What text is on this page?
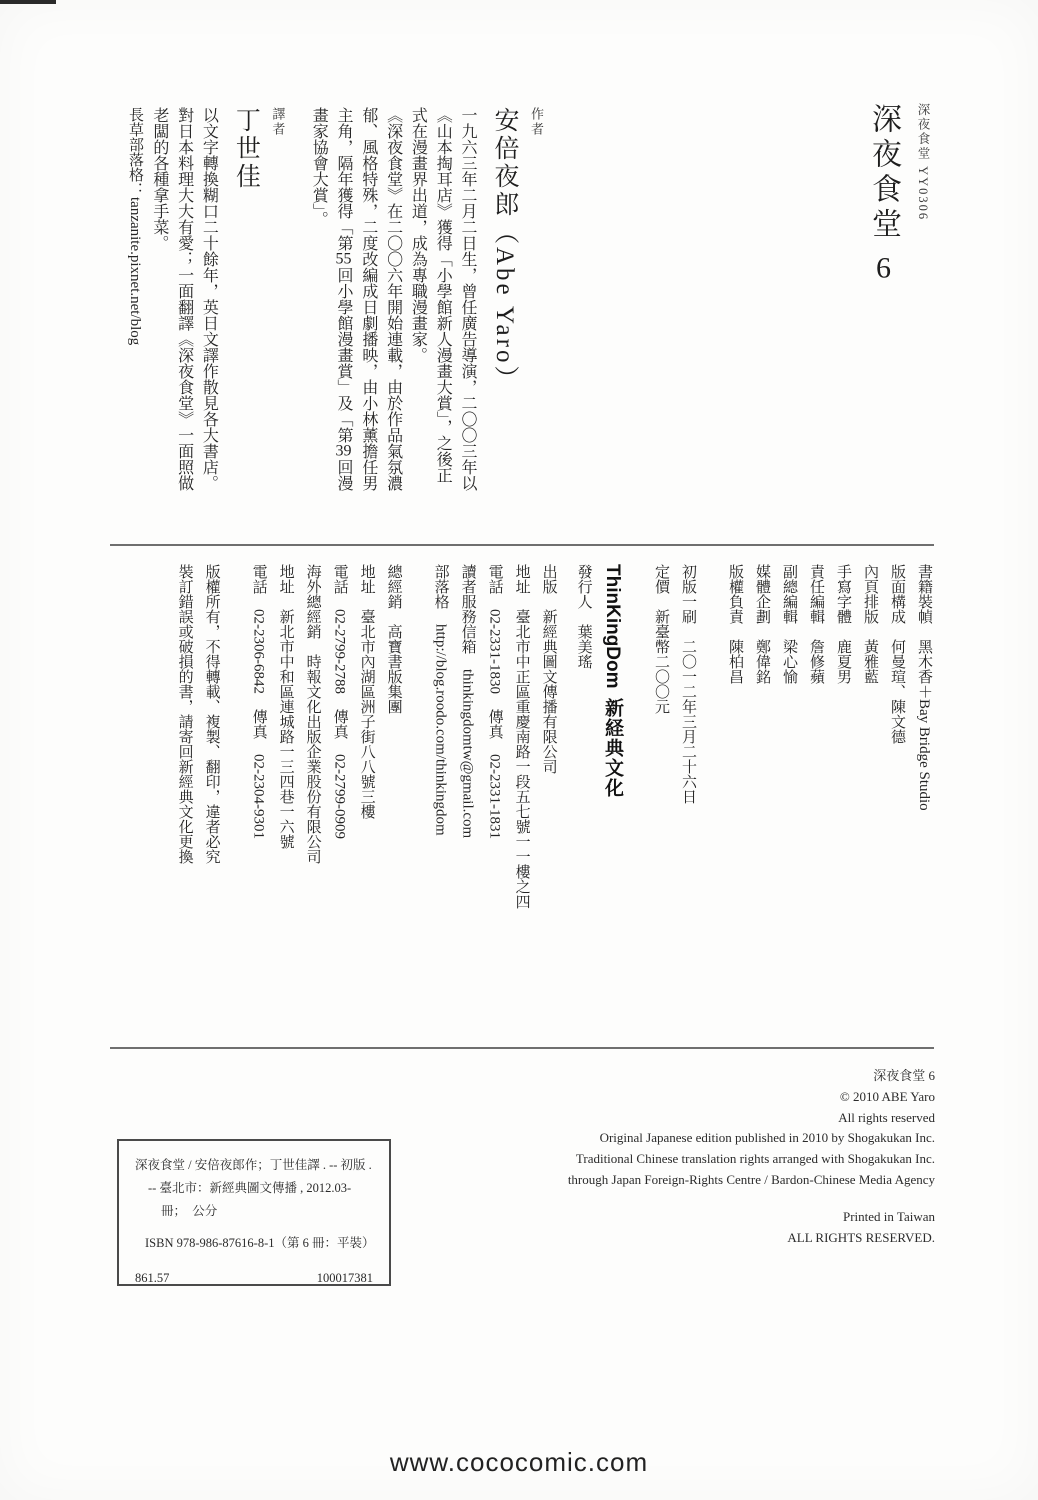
深夜食堂 YY0306

深夜食堂6

作者

安倍夜郎（Abe Yaro）

一九六三年二月二日生，曾任廣告導演，二〇〇三年以《山本掏耳店》獲得「小學館新人漫畫大賞」，之後正式在漫畫界出道，成為專職漫畫家。

《深夜食堂》在二〇〇六年開始連載，由於作品氣氛濃郁、風格特殊，二度改編成日劇播映，由小林薰擔任男主角，隔年獲得「第55回小學館漫畫賞」及「第39回漫畫家協會大賞」。

譯者

丁世佳

以文字轉換糊口二十餘年，英日文譯作散見各大書店。對日本料理大大有愛；一面翻譯《深夜食堂》一面照做老闆的各種拿手菜。

長草部落格：tanzanite.pixnet.net/blog

書籍裝幀　黑木香＋Bay Bridge Studio

版面構成　何曼瑄、陳文德

內頁排版　黃雅藍

手寫字體　鹿夏男

責任編輯　詹修蘋

副總編輯　梁心愉

媒體企劃　鄭偉銘

版權負責　陳柏昌

初版一刷　二〇一二年三月二十六日

定價　新臺幣二〇〇元

ThinKingDom新経典文化

發行人　葉美瑤

出版　新經典圖文傳播有限公司

地址　臺北市中正區重慶南路一段五七號一一樓之四

電話　02-2331-1830　傳真　02-2331-1831

讀者服務信箱　thinkingdomtw@gmail.com

部落格　http://blog.roodo.com/thinkingdom

總經銷　高寶書版集團

地址　臺北市內湖區洲子街八八號三樓

電話　02-2799-2788　傳真　02-2799-0909

海外總經銷　時報文化出版企業股份有限公司

地址　新北市中和區連城路一三四巷一六號

電話　02-2306-6842　傳真　02-2304-9301

版權所有，不得轉載、複製、翻印，違者必究

裝訂錯誤或破損的書，請寄回新經典文化更換

深夜食堂 6

© 2010 ABE Yaro

All rights reserved

Original Japanese edition published in 2010 by Shogakukan Inc.

Traditional Chinese translation rights arranged with Shogakukan Inc.

through Japan Foreign-Rights Centre / Bardon-Chinese Media Agency

Printed in Taiwan

ALL RIGHTS RESERVED.

深夜食堂 / 安倍夜郎作；丁世佳譯 . -- 初版 .

-- 臺北市：新經典圖文傳播 , 2012.03-

冊；　公分

ISBN 978-986-87616-8-1（第 6 冊：平裝）

861.57	100017381
www.cococomic.com
